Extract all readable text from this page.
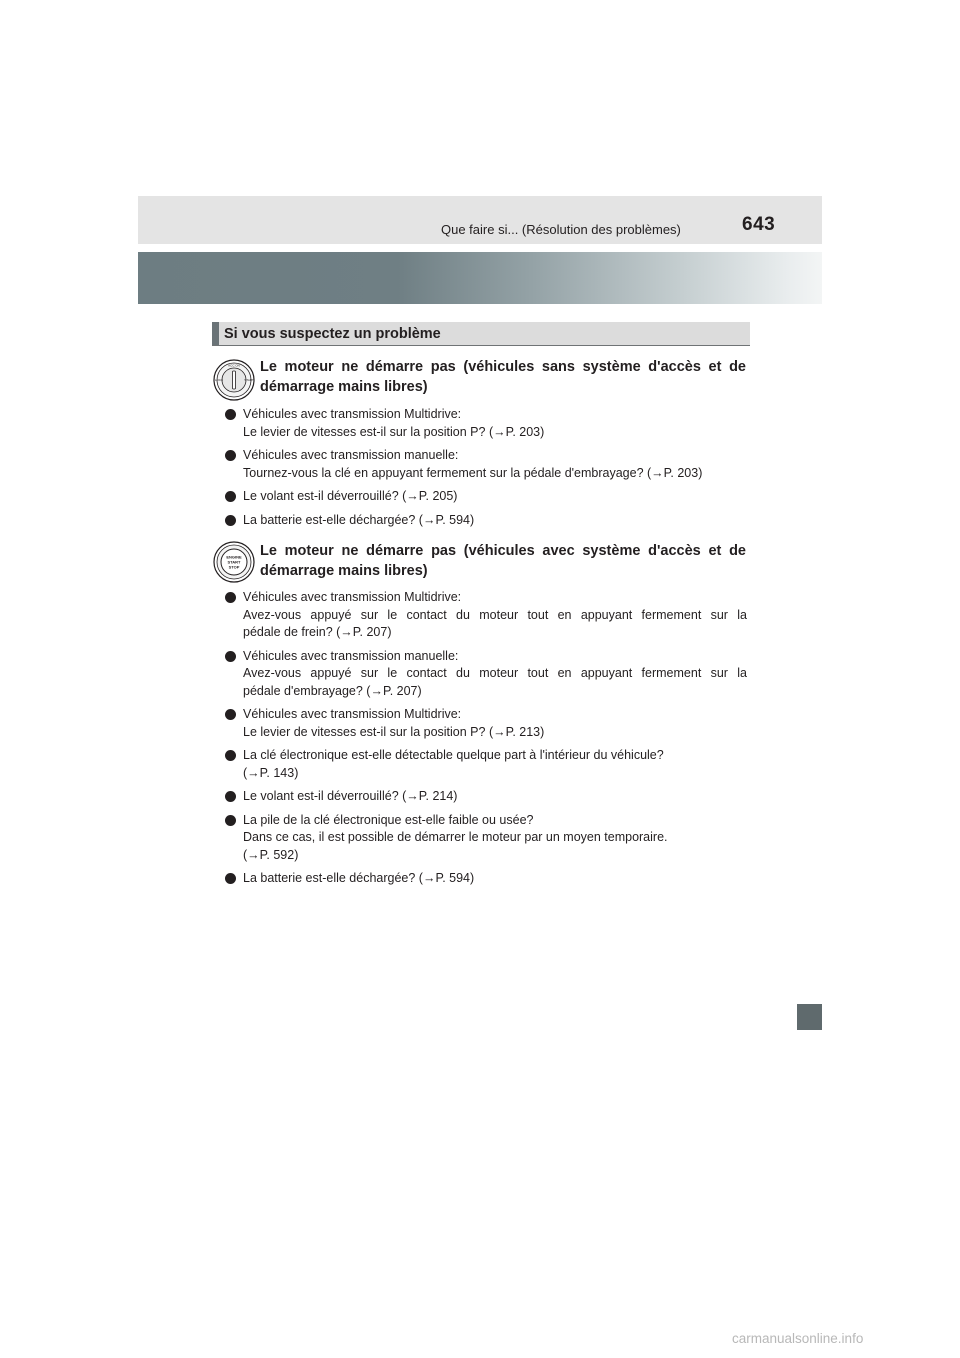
Que faire si... (Résolution des problèmes)	643
Si vous suspectez un problème
ACC ON
LOCK	START
Le moteur ne démarre pas (véhicules sans système d'accès et de
démarrage mains libres)
Véhicules avec transmission Multidrive:
Le levier de vitesses est-il sur la position P? (→P. 203)
Véhicules avec transmission manuelle:
Tournez-vous la clé en appuyant fermement sur la pédale d'embrayage? (→P. 203)
Le volant est-il déverrouillé? (→P. 205)
La batterie est-elle déchargée? (→P. 594)
ENGINE
START
STOP
Le moteur ne démarre pas (véhicules avec système d'accès et de
démarrage mains libres)
Véhicules avec transmission Multidrive:
Avez-vous appuyé sur le contact du moteur tout en appuyant fermement sur la
pédale de frein? (→P. 207)
Véhicules avec transmission manuelle:
Avez-vous appuyé sur le contact du moteur tout en appuyant fermement sur la
pédale d'embrayage? (→P. 207)
Véhicules avec transmission Multidrive:
Le levier de vitesses est-il sur la position P? (→P. 213)
La clé électronique est-elle détectable quelque part à l'intérieur du véhicule?
(→P. 143)
Le volant est-il déverrouillé? (→P. 214)
La pile de la clé électronique est-elle faible ou usée?
Dans ce cas, il est possible de démarrer le moteur par un moyen temporaire.
(→P. 592)
La batterie est-elle déchargée? (→P. 594)
carmanualsonline.info
